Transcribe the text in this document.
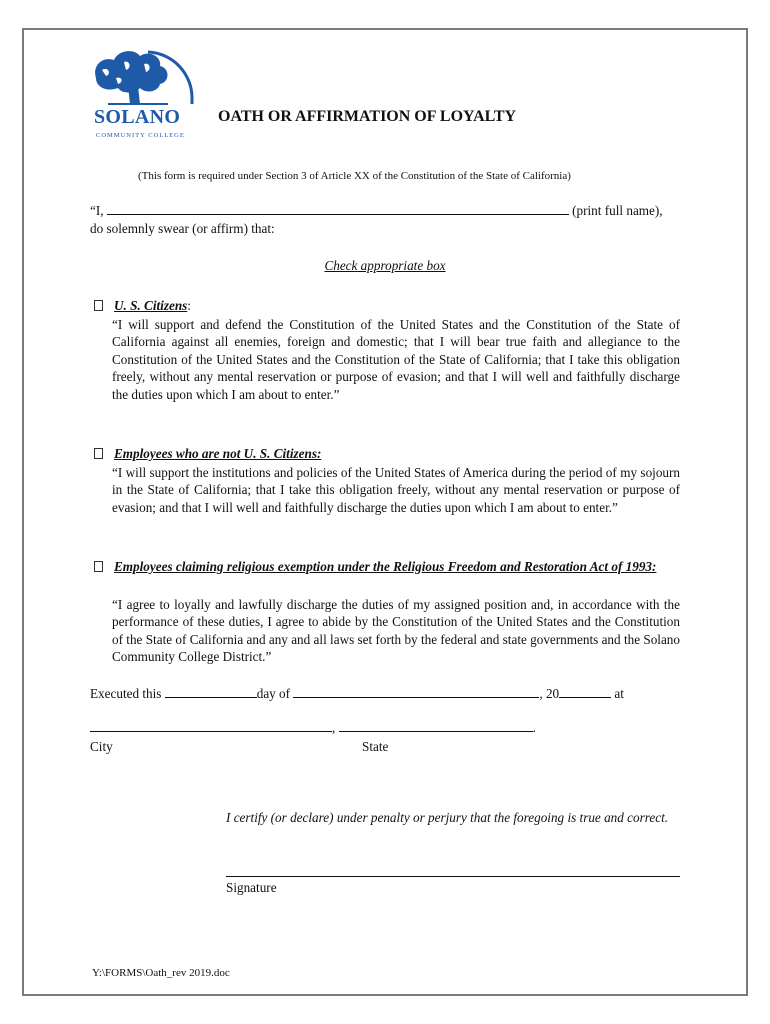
SOLANO
COMMUNITY COLLEGE
OATH OR AFFIRMATION OF LOYALTY
(This form is required under Section 3 of Article XX of the Constitution of the State of California)
“I,	(print full name),
do solemnly swear (or affirm) that:
Check appropriate box
U. S. Citizens:
“I will support and defend the Constitution of the United States and the Constitution of the State of California against all enemies, foreign and domestic; that I will bear true faith and allegiance to the Constitution of the United States and the Constitution of the State of California; that I take this obligation freely, without any mental reservation or purpose of evasion; and that I will well and faithfully discharge the duties upon which I am about to enter.”
Employees who are not U. S. Citizens:
“I will support the institutions and policies of the United States of America during the period of my sojourn in the State of California; that I take this obligation freely, without any mental reservation or purpose of evasion; and that I will well and faithfully discharge the duties upon which I am about to enter.”
Employees claiming religious exemption under the Religious Freedom and Restoration Act of 1993:
“I agree to loyally and lawfully discharge the duties of my assigned position and, in accordance with the performance of these duties, I agree to abide by the Constitution of the United States and the Constitution of the State of California and any and all laws set forth by the federal and state governments and the Solano Community College District.”
Executed this	day of	, 20	at
,	.
City	State
I certify (or declare) under penalty or perjury that the foregoing is true and correct.
Signature
Y:\FORMS\Oath_rev 2019.doc
